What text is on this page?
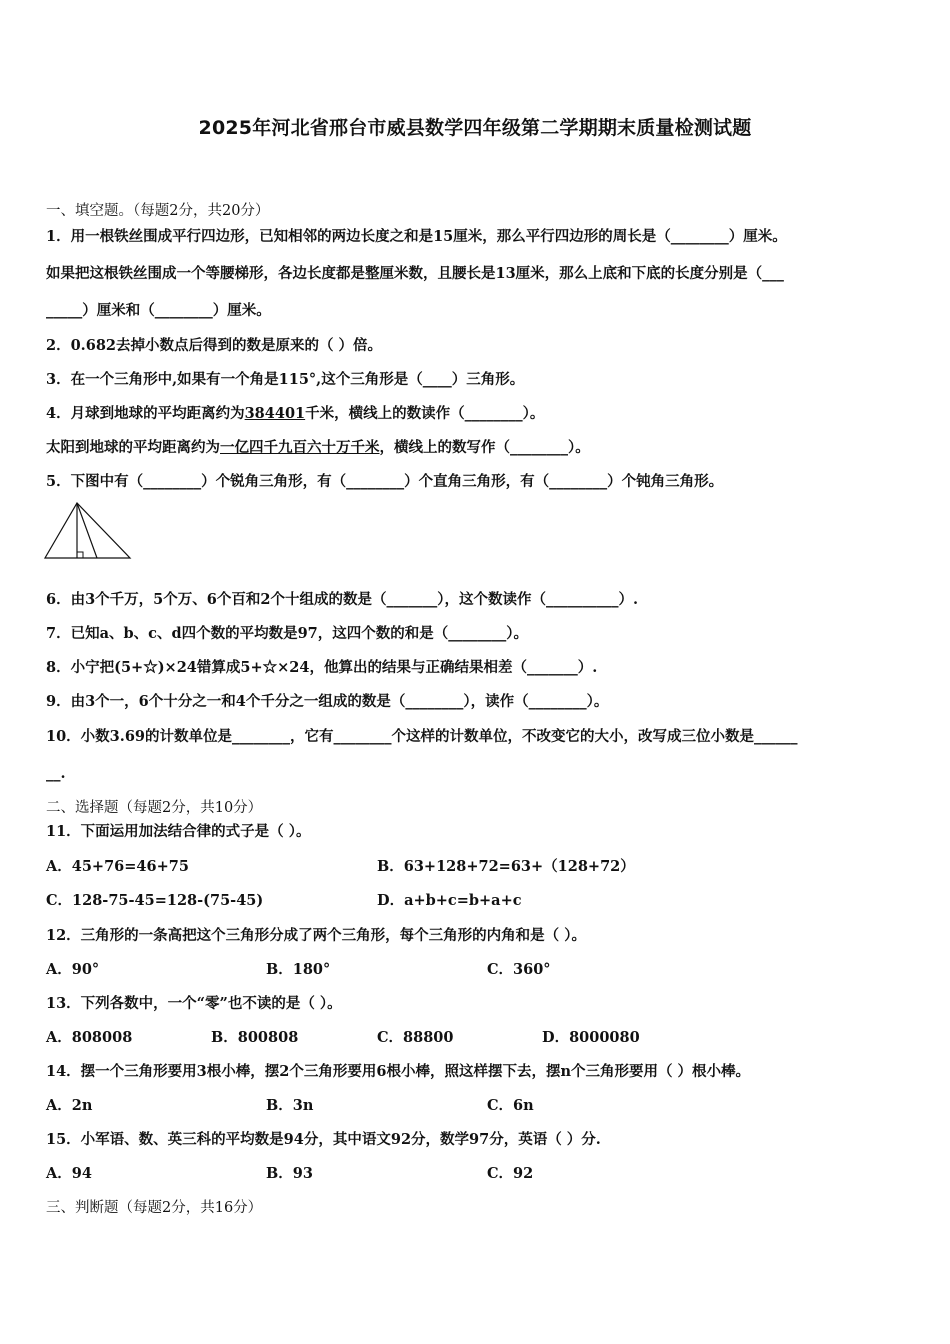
2025年河北省邢台市威县数学四年级第二学期期末质量检测试题
一、填空题。（每题2分，共20分）
1．用一根铁丝围成平行四边形，已知相邻的两边长度之和是15厘米，那么平行四边形的周长是（________）厘米。
如果把这根铁丝围成一个等腰梯形，各边长度都是整厘米数，且腰长是13厘米，那么上底和下底的长度分别是（___
_____）厘米和（________）厘米。
2．0.682去掉小数点后得到的数是原来的（ ）倍。
3．在一个三角形中,如果有一个角是115°,这个三角形是（____）三角形。
4．月球到地球的平均距离约为384401千米，横线上的数读作（________）。
太阳到地球的平均距离约为一亿四千九百六十万千米，横线上的数写作（________）。
5．下图中有（________）个锐角三角形，有（________）个直角三角形，有（________）个钝角三角形。
6．由3个千万，5个万、6个百和2个十组成的数是（_______），这个数读作（__________）.
7．已知a、b、c、d四个数的平均数是97，这四个数的和是（________）。
8．小宁把(5+☆)×24错算成5+☆×24，他算出的结果与正确结果相差（_______）.
9．由3个一，6个十分之一和4个千分之一组成的数是（________），读作（________）。
10．小数3.69的计数单位是________，它有________个这样的计数单位，不改变它的大小，改写成三位小数是______
__.
二、选择题（每题2分，共10分）
11．下面运用加法结合律的式子是（ ）。
A．45+76=46+75	B．63+128+72=63+（128+72）
C．128-75-45=128-(75-45)	D．a+b+c=b+a+c
12．三角形的一条高把这个三角形分成了两个三角形，每个三角形的内角和是（ ）。
A．90°	B．180°	C．360°
13．下列各数中，一个“零”也不读的是（ ）。
A．808008	B．800808	C．88800	D．8000080
14．摆一个三角形要用3根小棒，摆2个三角形要用6根小棒，照这样摆下去，摆n个三角形要用（ ）根小棒。
A．2n	B．3n	C．6n
15．小军语、数、英三科的平均数是94分，其中语文92分，数学97分，英语（ ）分.
A．94	B．93	C．92
三、判断题（每题2分，共16分）
